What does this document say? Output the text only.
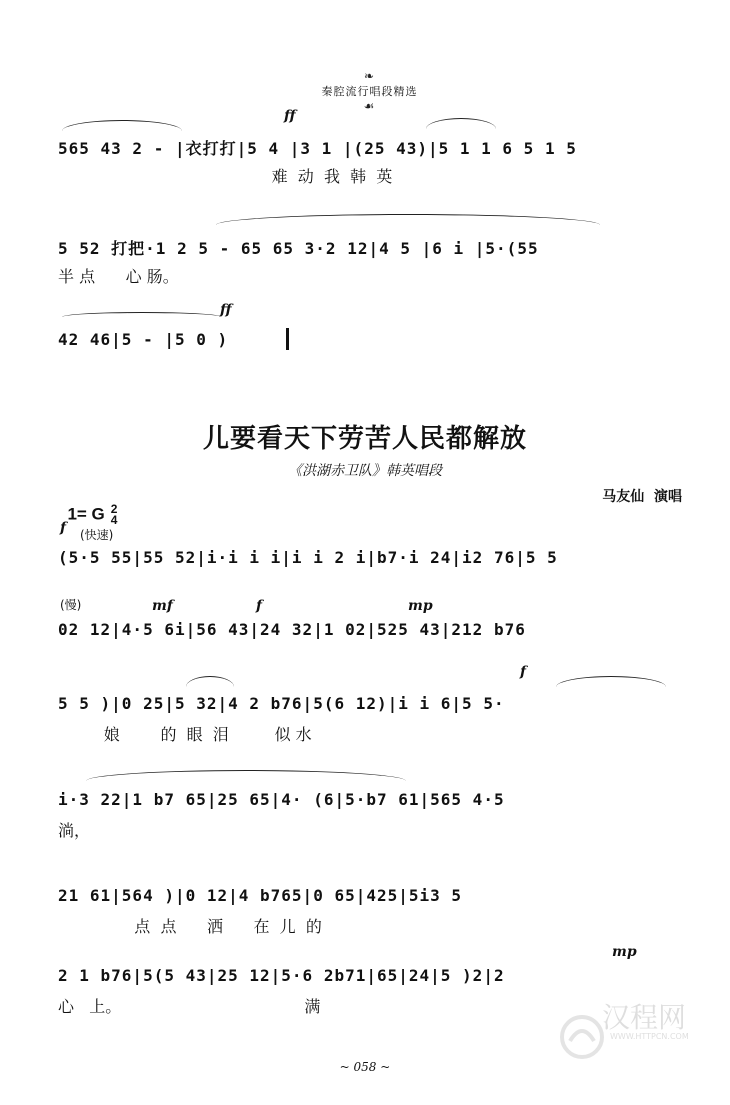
❧
秦腔流行唱段精选
☙

ff
565 43 2 - |衣打打|5 4 |3 1 |(25 43)|5 1 1 6 5 1 5
难  动  我  韩  英
5 52 打把·1 2 5 - 65 65 3·2 12|4 5 |6 i |5·(55
半 点      心 肠。
ff
42 46|5 - |5 0 )
儿要看天下劳苦人民都解放
《洪湖赤卫队》韩英唱段

1= G 2
4

马友仙  演唱
f (快速)
(5·5 55|55 52|i·i i i|i i 2 i|b7·i 24|i2 76|5 5
(慢)	mf	f	mp
02 12|4·5 6i|56 43|24 32|1 02|525 43|212 b76
f
5 5 )|0 25|5 32|4 2 b76|5(6 12)|i i 6|5 5·
娘        的  眼  泪         似 水
i·3 22|1 b7 65|25 65|4· (6|5·b7 61|565 4·5
淌，
21 61|564 )|0 12|4 b765|0 65|425|5i3 5
点  点      洒      在  儿  的
mp
2 1 b76|5(5 43|25 12|5·6 2b71|65|24|5 )2|2
心   上。                                    满

	汉程网

WWW.HTTPCN.COM

~ 058 ~
